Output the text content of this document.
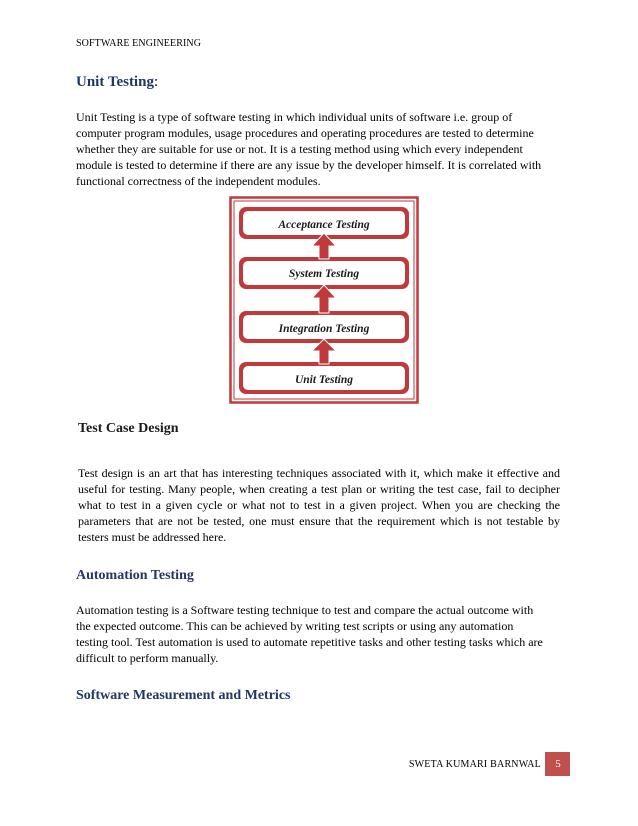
SOFTWARE ENGINEERING
Unit Testing:
Unit Testing is a type of software testing in which individual units of software i.e. group of
computer program modules, usage procedures and operating procedures are tested to determine
whether they are suitable for use or not. It is a testing method using which every independent
module is tested to determine if there are any issue by the developer himself. It is correlated with
functional correctness of the independent modules.
Acceptance Testing
System Testing
Integration Testing
Unit Testing
Test Case Design
Test design is an art that has interesting techniques associated with it, which make it effective and useful for testing. Many people, when creating a test plan or writing the test case, fail to decipher what to test in a given cycle or what not to test in a given project. When you are checking the parameters that are not be tested, one must ensure that the requirement which is not testable by testers must be addressed here.
Automation Testing
Automation testing is a Software testing technique to test and compare the actual outcome with
the expected outcome. This can be achieved by writing test scripts or using any automation
testing tool. Test automation is used to automate repetitive tasks and other testing tasks which are
difficult to perform manually.
Software Measurement and Metrics
SWETA KUMARI BARNWAL	5
